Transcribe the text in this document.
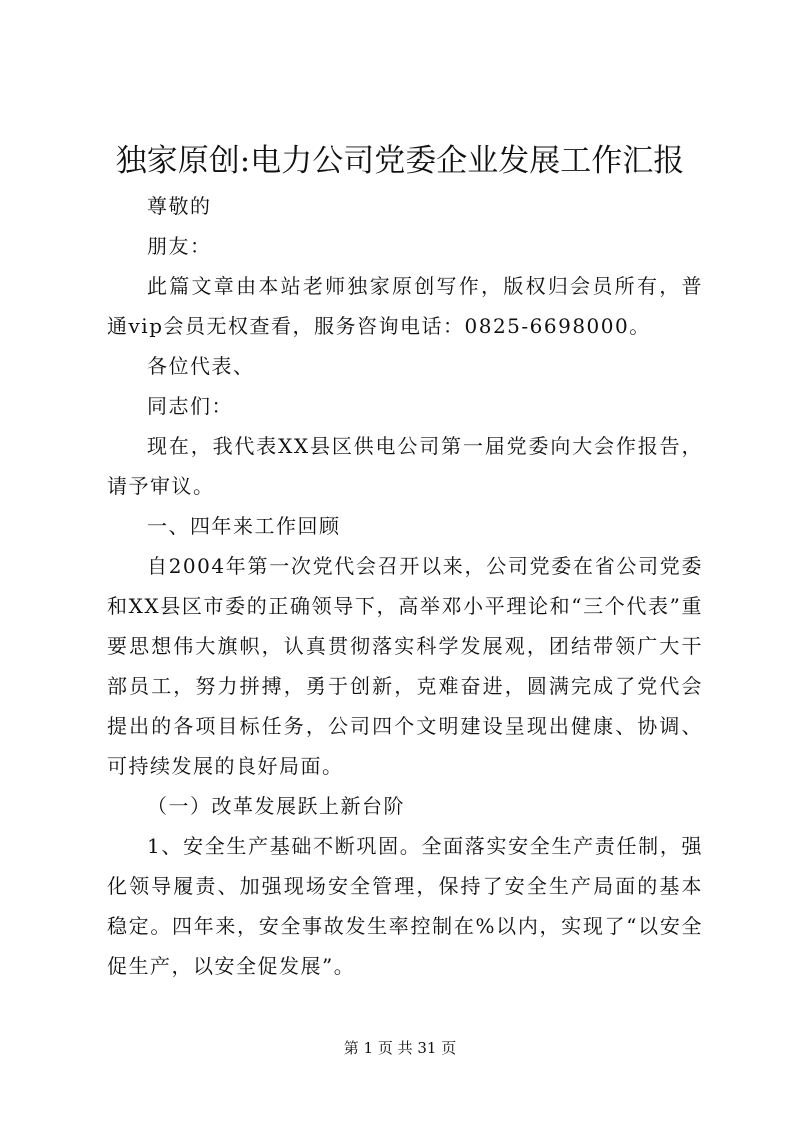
独家原创:电力公司党委企业发展工作汇报

尊敬的

朋友：

此篇文章由本站老师独家原创写作，版权归会员所有，普通vip会员无权查看，服务咨询电话：0825-6698000。

各位代表、

同志们：

现在，我代表XX县区供电公司第一届党委向大会作报告，请予审议。

一、四年来工作回顾

自2004年第一次党代会召开以来，公司党委在省公司党委和XX县区市委的正确领导下，高举邓小平理论和“三个代表”重要思想伟大旗帜，认真贯彻落实科学发展观，团结带领广大干部员工，努力拼搏，勇于创新，克难奋进，圆满完成了党代会提出的各项目标任务，公司四个文明建设呈现出健康、协调、可持续发展的良好局面。

（一）改革发展跃上新台阶

1、安全生产基础不断巩固。全面落实安全生产责任制，强化领导履责、加强现场安全管理，保持了安全生产局面的基本稳定。四年来，安全事故发生率控制在%以内，实现了“以安全促生产，以安全促发展”。

第 1 页 共 31 页
